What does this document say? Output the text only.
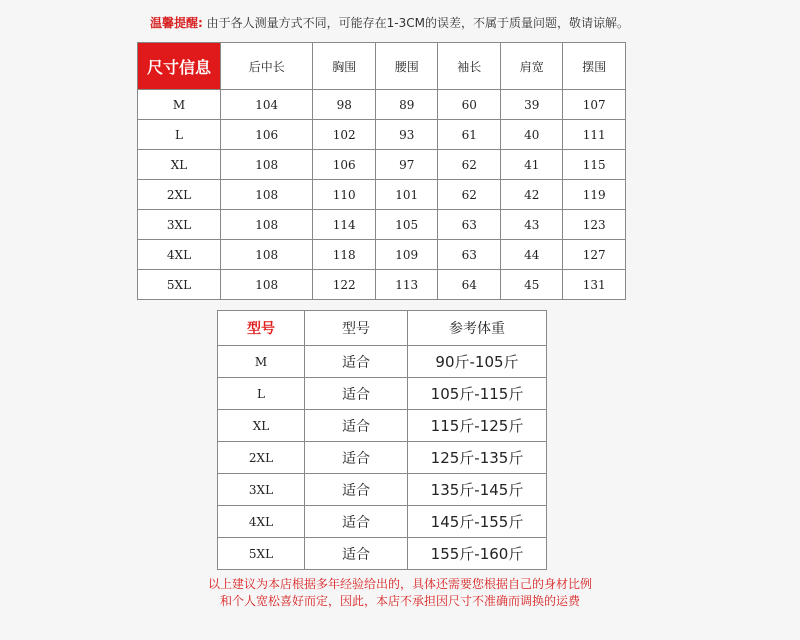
温馨提醒: 由于各人测量方式不同，可能存在1-3CM的误差，不属于质量问题，敬请谅解。
尺寸信息	后中长	胸围	腰围	袖长	肩宽	摆围
M	104	98	89	60	39	107
L	106	102	93	61	40	111
XL	108	106	97	62	41	115
2XL	108	110	101	62	42	119
3XL	108	114	105	63	43	123
4XL	108	118	109	63	44	127
5XL	108	122	113	64	45	131
型号	型号	参考体重
M	适合	90斤-105斤
L	适合	105斤-115斤
XL	适合	115斤-125斤
2XL	适合	125斤-135斤
3XL	适合	135斤-145斤
4XL	适合	145斤-155斤
5XL	适合	155斤-160斤
以上建议为本店根据多年经验给出的，具体还需要您根据自己的身材比例
和个人宽松喜好而定，因此，本店不承担因尺寸不准确而调换的运费
